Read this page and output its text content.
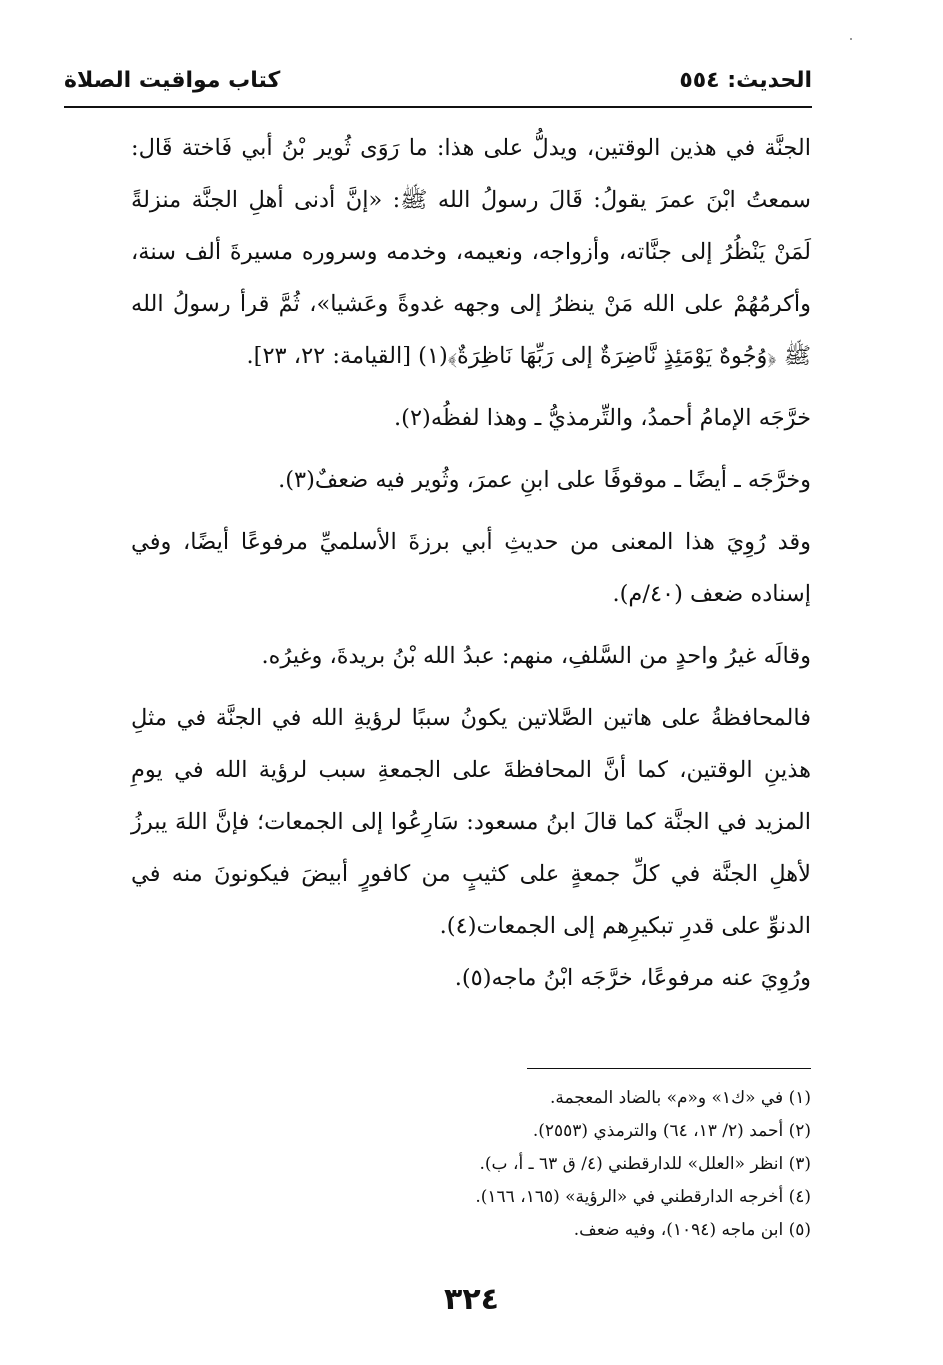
الحديث: ٥٥٤
كتاب مواقيت الصلاة

الجنَّة في هذين الوقتين، ويدلُّ على هذا: ما رَوَى ثُوير بْنُ أبي فَاختة قَال: سمعتُ ابْنَ عمرَ يقولُ: قَالَ رسولُ الله ﷺ: «إنَّ أدنى أهلِ الجنَّة منزلةً لَمَنْ يَنْظُرُ إلى جنَّاته، وأزواجه، ونعيمه، وخدمه وسروره مسيرةَ ألف سنة، وأكرمُهُمْ على الله مَنْ ينظرُ إلى وجهه غدوةً وعَشيا»، ثُمَّ قرأ رسولُ الله ﷺ ﴿وُجُوهٌ يَوْمَئِذٍ نَّاضِرَةٌ إلى رَبِّهَا نَاظِرَةٌ﴾(١) [القيامة: ٢٢، ٢٣].

خرَّجَه الإمامُ أحمدُ، والتِّرمذيُّ ـ وهذا لفظُه(٢).

وخرَّجَه ـ أيضًا ـ موقوفًا على ابنِ عمرَ، وثُوير فيه ضعفٌ(٣).

وقد رُوِيَ هذا المعنى من حديثِ أبي برزةَ الأسلميِّ مرفوعًا أيضًا، وفي إسناده ضعف (٤٠/م).

وقالَه غيرُ واحدٍ من السَّلفِ، منهم: عبدُ الله بْنُ بريدةَ، وغيرُه.

فالمحافظةُ على هاتين الصَّلاتين يكونُ سببًا لرؤيةِ الله في الجنَّة في مثلِ هذينِ الوقتين، كما أنَّ المحافظةَ على الجمعةِ سبب لرؤية الله في يومِ المزيد في الجنَّة كما قالَ ابنُ مسعود: سَارِعُوا إلى الجمعات؛ فإنَّ اللهَ يبرزُ لأهلِ الجنَّة في كلِّ جمعةٍ على كثيبٍ من كافورٍ أبيضَ فيكونونَ منه في الدنوِّ على قدرِ تبكيرِهم إلى الجمعات(٤).

ورُوِيَ عنه مرفوعًا، خرَّجَه ابْنُ ماجه(٥).

(١) في «ك١» و«م» بالضاد المعجمة.
(٢) أحمد (٢/ ١٣، ٦٤) والترمذي (٢٥٥٣).
(٣) انظر «العلل» للدارقطني (٤/ ق ٦٣ ـ أ، ب).
(٤) أخرجه الدارقطني في «الرؤية» (١٦٥، ١٦٦).
(٥) ابن ماجه (١٠٩٤)، وفيه ضعف.
٣٢٤
